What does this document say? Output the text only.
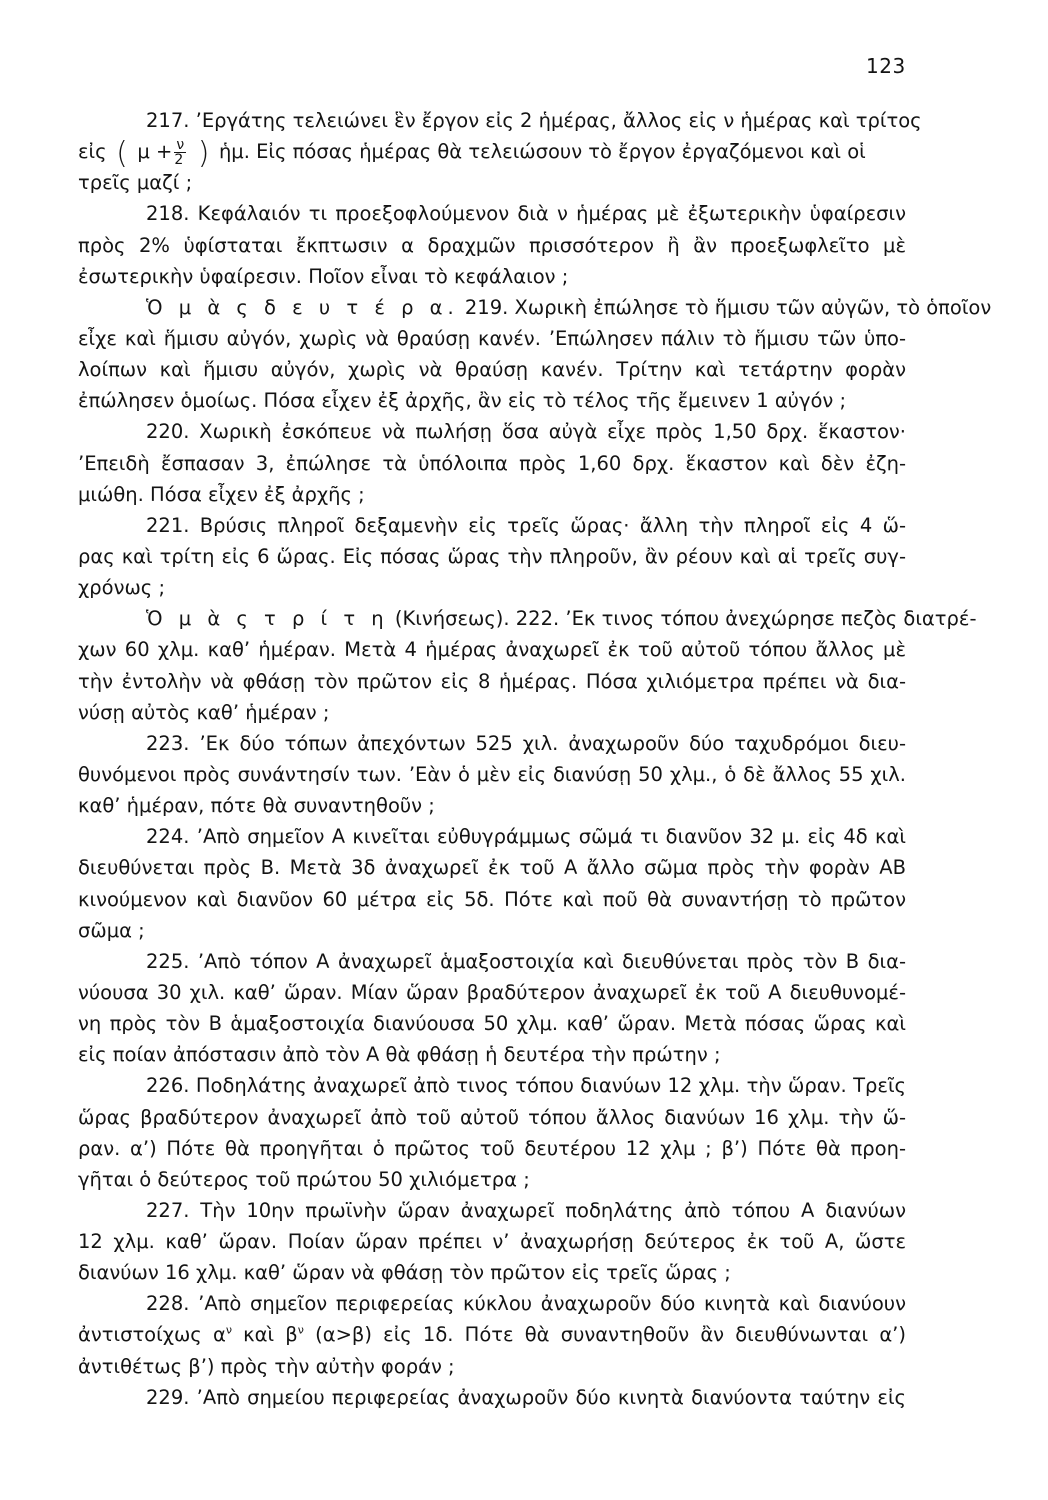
123
217. ’Εργάτης τελειώνει ἓν ἔργον εἰς 2 ἡμέρας, ἄλλος εἰς ν ἡμέρας καὶ τρίτος
εἰς ( $\mu + \frac{\nu}{2}$ ) ἡμ. Εἰς πόσας ἡμέρας θὰ τελειώσουν τὸ ἔργον ἐργαζόμενοι καὶ οἱ
τρεῖς μαζί ;
218. Κεφάλαιόν τι προεξοφλούμενον διὰ ν ἡμέρας μὲ ἐξωτερικὴν ὑφαίρεσιν
πρὸς 2% ὑφίσταται ἔκπτωσιν α δραχμῶν πρισσότερον ἢ ἂν προεξωφλεῖτο μὲ
ἐσωτερικὴν ὑφαίρεσιν. Ποῖον εἶναι τὸ κεφάλαιον ;
Ὁ μ ὰ ς δ ε υ τ έ ρ α. 219. Χωρικὴ ἐπώλησε τὸ ἥμισυ τῶν αὐγῶν, τὸ ὁποῖον
εἶχε καὶ ἥμισυ αὐγόν, χωρὶς νὰ θραύσῃ κανέν. ’Επώλησεν πάλιν τὸ ἥμισυ τῶν ὑπο-
λοίπων καὶ ἥμισυ αὐγόν, χωρὶς νὰ θραύσῃ κανέν. Τρίτην καὶ τετάρτην φορὰν
ἐπώλησεν ὁμοίως. Πόσα εἶχεν ἐξ ἀρχῆς, ἂν εἰς τὸ τέλος τῆς ἔμεινεν 1 αὐγόν ;
220. Χωρικὴ ἐσκόπευε νὰ πωλήσῃ ὅσα αὐγὰ εἶχε πρὸς 1,50 δρχ. ἕκαστον·
’Επειδὴ ἔσπασαν 3, ἐπώλησε τὰ ὑπόλοιπα πρὸς 1,60 δρχ. ἕκαστον καὶ δὲν ἐζη-
μιώθη. Πόσα εἶχεν ἐξ ἀρχῆς ;
221. Βρύσις πληροῖ δεξαμενὴν εἰς τρεῖς ὥρας· ἄλλη τὴν πληροῖ εἰς 4 ὥ-
ρας καὶ τρίτη εἰς 6 ὥρας. Εἰς πόσας ὥρας τὴν πληροῦν, ἂν ρέουν καὶ αἱ τρεῖς συγ-
χρόνως ;
Ὁ μ ὰ ς τ ρ ί τ η (Κινήσεως). 222. ’Εκ τινος τόπου ἀνεχώρησε πεζὸς διατρέ-
χων 60 χλμ. καθ’ ἡμέραν. Μετὰ 4 ἡμέρας ἀναχωρεῖ ἐκ τοῦ αὐτοῦ τόπου ἄλλος μὲ
τὴν ἐντολὴν νὰ φθάσῃ τὸν πρῶτον εἰς 8 ἡμέρας. Πόσα χιλιόμετρα πρέπει νὰ δια-
νύσῃ αὐτὸς καθ’ ἡμέραν ;
223. ’Εκ δύο τόπων ἀπεχόντων 525 χιλ. ἀναχωροῦν δύο ταχυδρόμοι διευ-
θυνόμενοι πρὸς συνάντησίν των. ’Εὰν ὁ μὲν εἰς διανύσῃ 50 χλμ., ὁ δὲ ἄλλος 55 χιλ.
καθ’ ἡμέραν, πότε θὰ συναντηθοῦν ;
224. ’Απὸ σημεῖον Α κινεῖται εὐθυγράμμως σῶμά τι διανῦον 32 μ. εἰς 4δ καὶ
διευθύνεται πρὸς Β. Μετὰ 3δ ἀναχωρεῖ ἐκ τοῦ Α ἄλλο σῶμα πρὸς τὴν φορὰν ΑΒ
κινούμενον καὶ διανῦον 60 μέτρα εἰς 5δ. Πότε καὶ ποῦ θὰ συναντήσῃ τὸ πρῶτον
σῶμα ;
225. ’Απὸ τόπον Α ἀναχωρεῖ ἁμαξοστοιχία καὶ διευθύνεται πρὸς τὸν Β δια-
νύουσα 30 χιλ. καθ’ ὥραν. Μίαν ὥραν βραδύτερον ἀναχωρεῖ ἐκ τοῦ Α διευθυνομέ-
νη πρὸς τὸν Β ἁμαξοστοιχία διανύουσα 50 χλμ. καθ’ ὥραν. Μετὰ πόσας ὥρας καὶ
εἰς ποίαν ἀπόστασιν ἀπὸ τὸν Α θὰ φθάσῃ ἡ δευτέρα τὴν πρώτην ;
226. Ποδηλάτης ἀναχωρεῖ ἀπὸ τινος τόπου διανύων 12 χλμ. τὴν ὥραν. Τρεῖς
ὥρας βραδύτερον ἀναχωρεῖ ἀπὸ τοῦ αὐτοῦ τόπου ἄλλος διανύων 16 χλμ. τὴν ὥ-
ραν. α’) Πότε θὰ προηγῆται ὁ πρῶτος τοῦ δευτέρου 12 χλμ ; β’) Πότε θὰ προη-
γῆται ὁ δεύτερος τοῦ πρώτου 50 χιλιόμετρα ;
227. Τὴν 10ην πρωϊνὴν ὥραν ἀναχωρεῖ ποδηλάτης ἀπὸ τόπου Α διανύων
12 χλμ. καθ’ ὥραν. Ποίαν ὥραν πρέπει ν’ ἀναχωρήσῃ δεύτερος ἐκ τοῦ Α, ὥστε
διανύων 16 χλμ. καθ’ ὥραν νὰ φθάσῃ τὸν πρῶτον εἰς τρεῖς ὥρας ;
228. ’Απὸ σημεῖον περιφερείας κύκλου ἀναχωροῦν δύο κινητὰ καὶ διανύουν
ἀντιστοίχως $\alpha^\nu$ καὶ $\beta^\nu$ (α>β) εἰς 1δ. Πότε θὰ συναντηθοῦν ἂν διευθύνωνται α’)
ἀντιθέτως β’) πρὸς τὴν αὐτὴν φοράν ;
229. ’Απὸ σημείου περιφερείας ἀναχωροῦν δύο κινητὰ διανύοντα ταύτην εἰς
